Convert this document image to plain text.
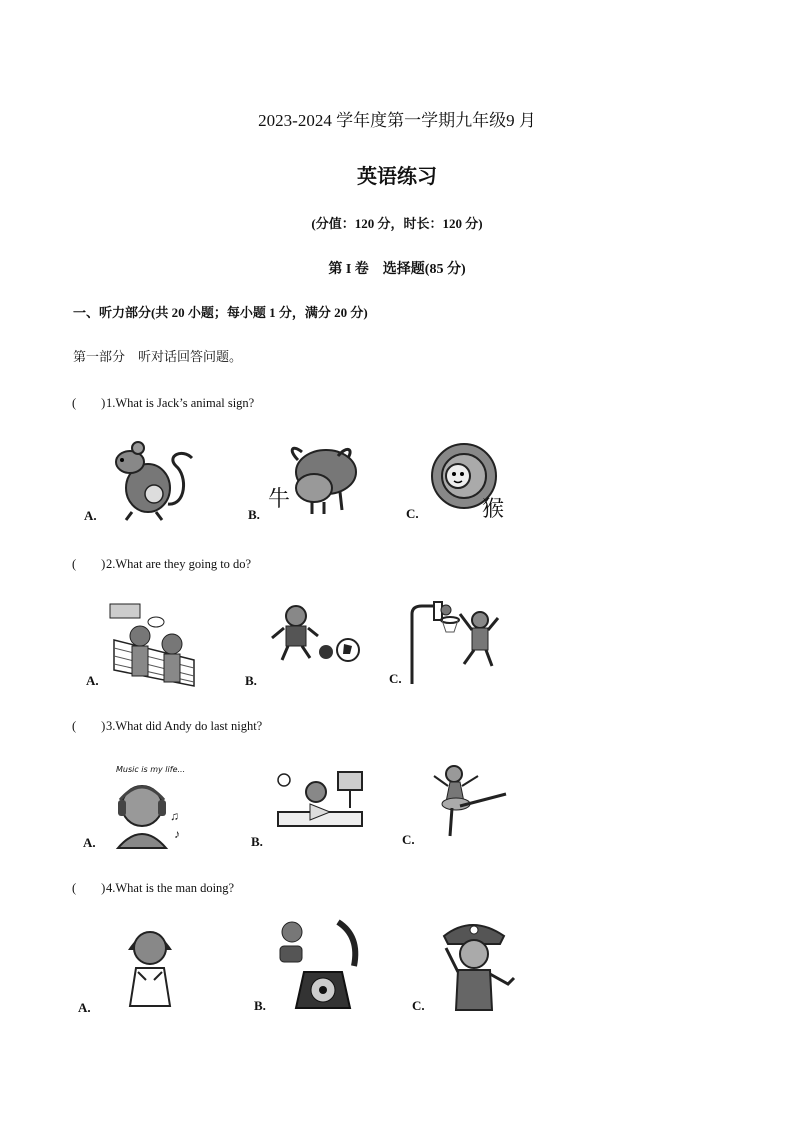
2023-2024 学年度第一学期九年级9 月
英语练习
(分值：120 分，时长：120 分)
第 I 卷　选择题(85 分)
一、听力部分(共 20 小题；每小题 1 分，满分 20 分)
第一部分　听对话回答问题。
(　　)1.What is Jack’s animal sign?
A.
牛
B.	猴
C.
(　　)2.What are they going to do?
A.	B.	C.
(　　)3.What did Andy do last night?
Music is my life...
♫
♪
A.	B.	C.
(　　)4.What is the man doing?
A.	B.	C.
